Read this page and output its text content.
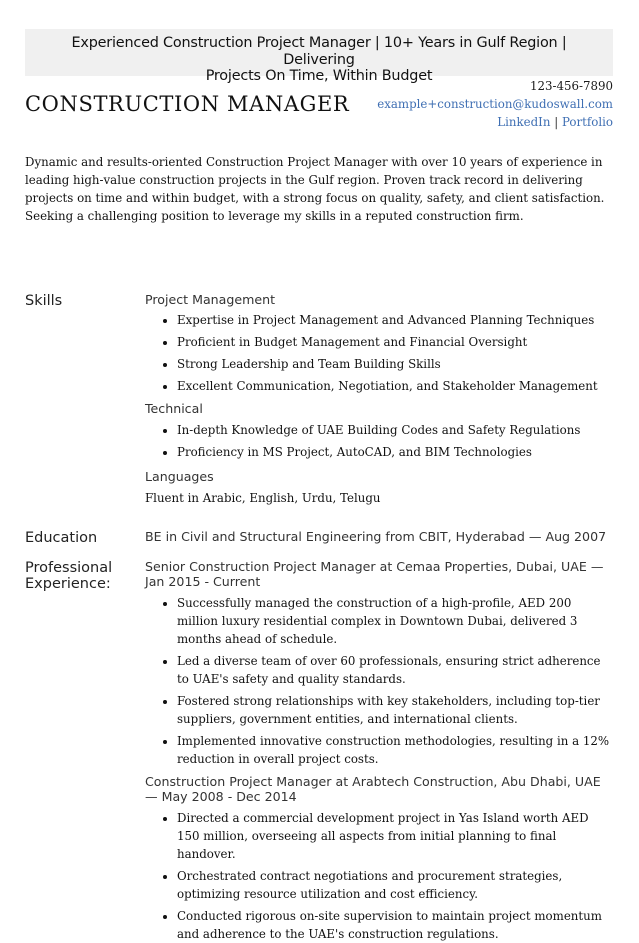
Experienced Construction Project Manager | 10+ Years in Gulf Region | Delivering
Projects On Time, Within Budget
CONSTRUCTION MANAGER
123-456-7890
example+construction@kudoswall.com
LinkedIn | Portfolio

Dynamic and results-oriented Construction Project Manager with over 10 years of experience in leading high-value construction projects in the Gulf region. Proven track record in delivering projects on time and within budget, with a strong focus on quality, safety, and client satisfaction. Seeking a challenging position to leverage my skills in a reputed construction firm.

Skills	Project Management
• Expertise in Project Management and Advanced Planning Techniques
• Proficient in Budget Management and Financial Oversight
• Strong Leadership and Team Building Skills
• Excellent Communication, Negotiation, and Stakeholder Management
Technical
• In-depth Knowledge of UAE Building Codes and Safety Regulations
• Proficiency in MS Project, AutoCAD, and BIM Technologies
Languages

Fluent in Arabic, English, Urdu, Telugu

Education	BE in Civil and Structural Engineering from CBIT, Hyderabad — Aug 2007
Professional
Experience:
Senior Construction Project Manager at Cemaa Properties, Dubai, UAE — Jan 2015 - Current
• Successfully managed the construction of a high-profile, AED 200 million luxury residential complex in Downtown Dubai, delivered 3 months ahead of schedule.
• Led a diverse team of over 60 professionals, ensuring strict adherence to UAE's safety and quality standards.
• Fostered strong relationships with key stakeholders, including top-tier suppliers, government entities, and international clients.
• Implemented innovative construction methodologies, resulting in a 12% reduction in overall project costs.
Construction Project Manager at Arabtech Construction, Abu Dhabi, UAE — May 2008 - Dec 2014
• Directed a commercial development project in Yas Island worth AED 150 million, overseeing all aspects from initial planning to final handover.
• Orchestrated contract negotiations and procurement strategies, optimizing resource utilization and cost efficiency.
• Conducted rigorous on-site supervision to maintain project momentum and adherence to the UAE's construction regulations.
